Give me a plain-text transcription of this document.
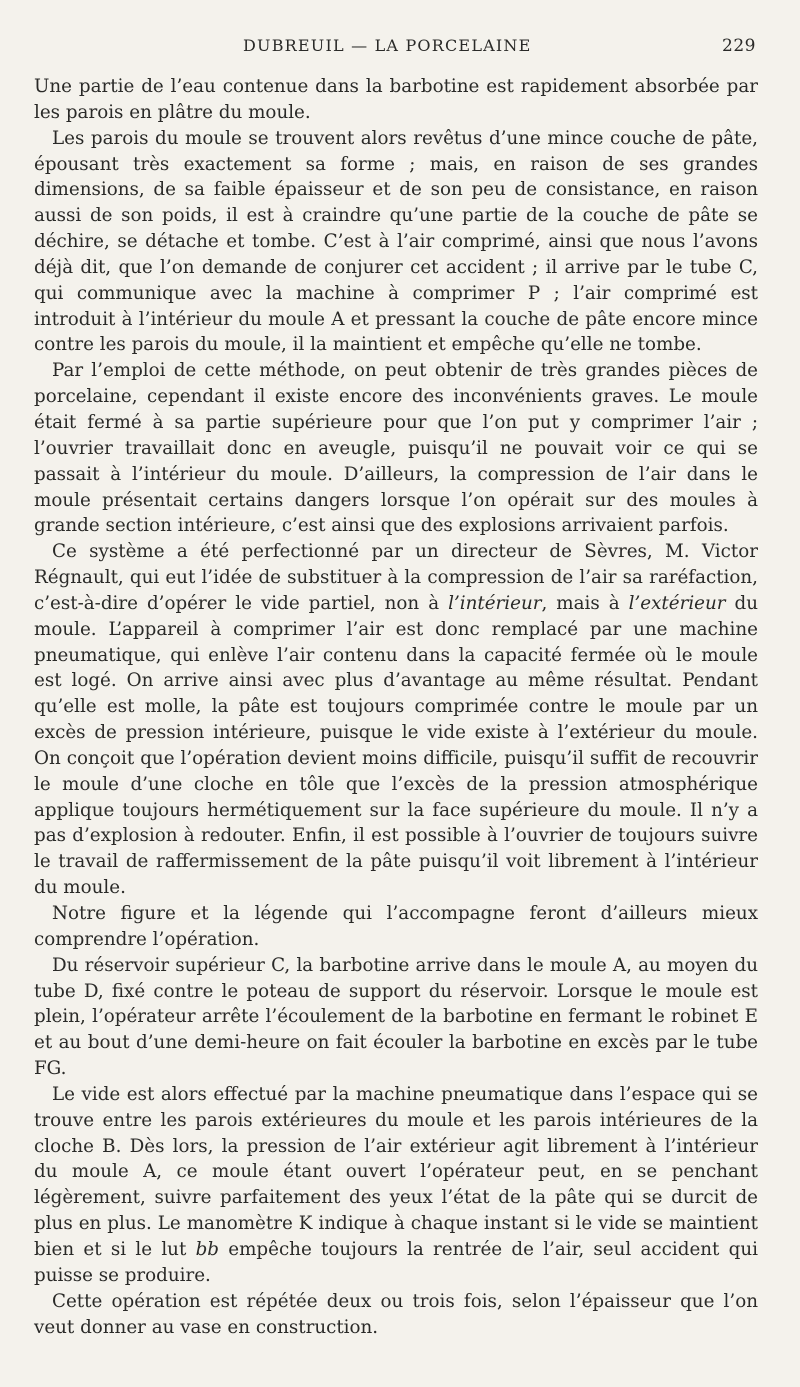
DUBREUIL — LA PORCELAINE	229

Une partie de l’eau contenue dans la barbotine est rapidement absorbée par les parois en plâtre du moule.

Les parois du moule se trouvent alors revêtus d’une mince couche de pâte, épousant très exactement sa forme ; mais, en raison de ses grandes dimensions, de sa faible épaisseur et de son peu de consistance, en raison aussi de son poids, il est à craindre qu’une partie de la couche de pâte se déchire, se détache et tombe. C’est à l’air comprimé, ainsi que nous l’avons déjà dit, que l’on demande de conjurer cet accident ; il arrive par le tube C, qui communique avec la machine à comprimer P ; l’air comprimé est introduit à l’intérieur du moule A et pressant la couche de pâte encore mince contre les parois du moule, il la maintient et empêche qu’elle ne tombe.

Par l’emploi de cette méthode, on peut obtenir de très grandes pièces de porcelaine, cependant il existe encore des inconvénients graves. Le moule était fermé à sa partie supérieure pour que l’on put y comprimer l’air ; l’ouvrier travaillait donc en aveugle, puisqu’il ne pouvait voir ce qui se passait à l’intérieur du moule. D’ailleurs, la compression de l’air dans le moule présentait certains dangers lorsque l’on opérait sur des moules à grande section intérieure, c’est ainsi que des explosions arrivaient parfois.

Ce système a été perfectionné par un directeur de Sèvres, M. Victor Régnault, qui eut l’idée de substituer à la compression de l’air sa raréfaction, c’est-à-dire d’opérer le vide partiel, non à l’intérieur, mais à l’extérieur du moule. L’appareil à comprimer l’air est donc remplacé par une machine pneumatique, qui enlève l’air contenu dans la capacité fermée où le moule est logé. On arrive ainsi avec plus d’avantage au même résultat. Pendant qu’elle est molle, la pâte est toujours comprimée contre le moule par un excès de pression intérieure, puisque le vide existe à l’extérieur du moule. On conçoit que l’opération devient moins difficile, puisqu’il suffit de recouvrir le moule d’une cloche en tôle que l’excès de la pression atmosphérique applique toujours hermétiquement sur la face supérieure du moule. Il n’y a pas d’explosion à redouter. Enfin, il est possible à l’ouvrier de toujours suivre le travail de raffermissement de la pâte puisqu’il voit librement à l’intérieur du moule.

Notre figure et la légende qui l’accompagne feront d’ailleurs mieux comprendre l’opération.

Du réservoir supérieur C, la barbotine arrive dans le moule A, au moyen du tube D, fixé contre le poteau de support du réservoir. Lorsque le moule est plein, l’opérateur arrête l’écoulement de la barbotine en fermant le robinet E et au bout d’une demi-heure on fait écouler la barbotine en excès par le tube FG.

Le vide est alors effectué par la machine pneumatique dans l’espace qui se trouve entre les parois extérieures du moule et les parois intérieures de la cloche B. Dès lors, la pression de l’air extérieur agit librement à l’intérieur du moule A, ce moule étant ouvert l’opérateur peut, en se penchant légèrement, suivre parfaitement des yeux l’état de la pâte qui se durcit de plus en plus. Le manomètre K indique à chaque instant si le vide se maintient bien et si le lut bb empêche toujours la rentrée de l’air, seul accident qui puisse se produire.

Cette opération est répétée deux ou trois fois, selon l’épaisseur que l’on veut donner au vase en construction.
